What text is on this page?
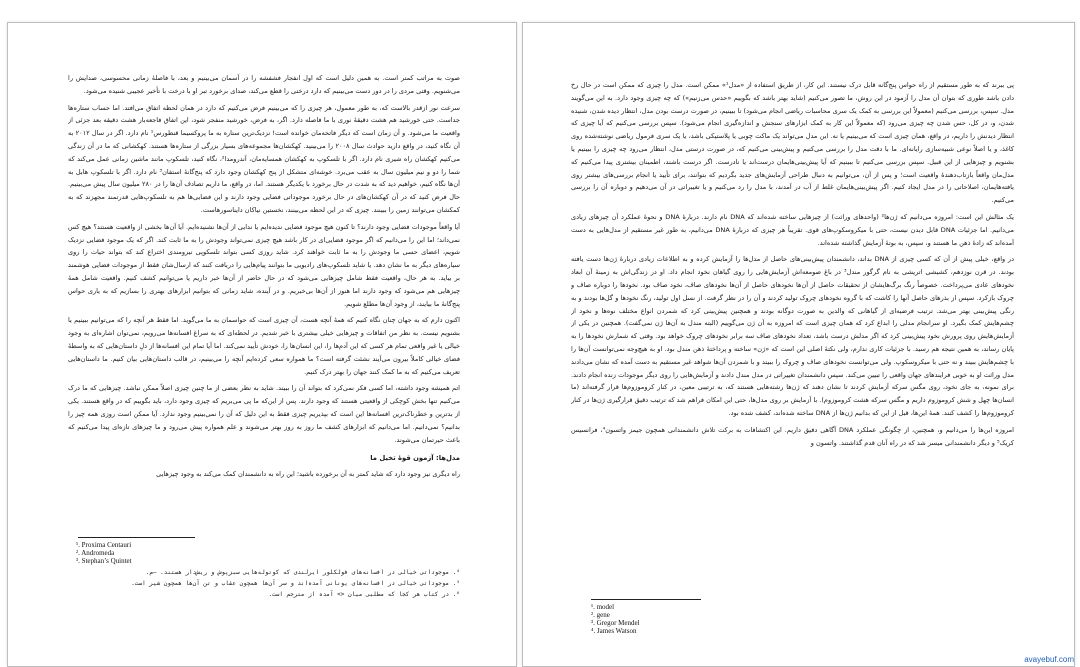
صوت به مراتب کمتر است. به همین دلیل است که اول انفجار فشفشه را در آسمان می‌بینیم و بعد، با فاصلهٔ زمانی محسوسی، صدایش را می‌شنویم. وقتی مردی را در دور دست می‌بینیم که دارد درختی را قطع می‌کند، صدای برخورد تبر او با درخت با تأخیر عجیبی شنیده می‌شود.

سرعت نور از‌قدر بالاست که، به طور معمول، هر چیزی را که می‌بینیم فرض می‌کنیم که دارد در همان لحظه اتفاق می‌افتد. اما حساب ستاره‌ها جداست. حتی خورشید هم هشت دقیقهٔ نوری با ما فاصله دارد. اگر، به فرض، خورشید منفجر شود، این اتفاق فاجعه‌بار هشت دقیقه بعد جزئی از واقعیت ما می‌شود. و آن زمان است که دیگر فاتحه‌مان خوانده است! نزدیک‌ترین ستاره به ما پروکسیما قنطورس¹ نام دارد. اگر در سال ۲۰۱۲ به آن نگاه کنید، در واقع دارید حوادث سال ۲۰۰۸ را می‌بینید. کهکشان‌ها مجموعه‌های بسیار بزرگی از ستاره‌ها هستند. کهکشانی که ما در آن زندگی می‌کنیم کهکشان راه شیری نام دارد. اگر با تلسکوپ به کهکشان همسایه‌مان، آندرومدا²، نگاه کنید، تلسکوپ مانند ماشین زمانی عمل می‌کند که شما را دو و نیم میلیون سال به عقب می‌برد. خوشه‌ای متشکل از پنج کهکشان وجود دارد که پنج‌گانهٔ استفان³ نام دارد. اگر با تلسکوپ هابل به آن‌ها نگاه کنیم، خواهیم دید که به شدت در حال برخورد با یکدیگر هستند. اما، در واقع، ما داریم تصادف آن‌ها را در ۲۸۰ میلیون سال پیش می‌بینیم. حال فرض کنید که در آن کهکشان‌های در حال برخورد موجوداتی فضایی وجود دارند و این فضایی‌ها هم به تلسکوپ‌هایی قدرتمند مجهزند که به کمکشان می‌توانند زمین را ببینند. چیزی که در این لحظه می‌بینند، نخستین نیاکان دایناسورهاست.

آیا واقعاً موجودات فضایی وجود دارند؟ تا کنون هیچ موجود فضایی ندیده‌ایم یا ندایی از آن‌ها نشنیده‌ایم. آیا آن‌ها بخشی از واقعیت هستند؟ هیچ کس نمی‌داند؛ اما این را می‌دانیم که اگر موجود فضایی‌ای در کار باشد هیچ چیزی نمی‌تواند وجودش را به ما ثابت کند. اگر که یک موجود فضایی نزدیک شویم، اعضای حسی ما وجودش را به ما ثابت خواهند کرد. شاید روزی کسی بتواند تلسکوپی نیرومندی اختراع کند که بتواند حیات را روی سیاره‌های دیگر به ما نشان دهد. یا شاید تلسکوپ‌های رادیویی ما بتوانند پیام‌هایی را دریافت کنند که ارسال‌شان فقط از موجودات فضایی هوشمند بر بیاید. به هر حال، واقعیت فقط شامل چیزهایی می‌شود که در حال حاضر از آن‌ها خبر داریم یا می‌توانیم کشف کنیم. واقعیت شامل همهٔ چیزهایی هم می‌شود که وجود دارند اما هنوز از آن‌ها بی‌خبریم. و در آینده، شاید زمانی که بتوانیم ابزارهای بهتری را بسازیم که به یاری حواس پنج‌گانهٔ ما بیایند، از وجود آن‌ها مطلع شویم.

اکنون دارم که به جهان چنان نگاه کنیم که همهٔ آنچه هست، آن چیزی است که حواسمان به ما می‌گوید. اما فقط هر آنچه را که می‌توانیم ببینیم یا بشنویم نیست. به نظر من اتفاقات و چیزهایی خیلی بیشتری با خبر شدیم. در لحظه‌ای که به سراغ افسانه‌ها می‌رویم، نمی‌توان اشاره‌ای به وجود خیالی یا غیر واقعی تمام هر کسی که این آدم‌ها را، این انسان‌ها را، خودش تأیید نمی‌کند. اما آیا تمام این افسانه‌ها از دلِ داستان‌هایی که به واسطهٔ فضای خیالی کاملاً بیرون می‌آیند نشئت گرفته است؟ ما همواره سعی کرده‌ایم آنچه را می‌بینیم، در قالب داستان‌هایی بیان کنیم. ما داستان‌هایی تعریف می‌کنیم که به ما کمک کنند جهان را بهتر درک کنیم.

اتم همیشه وجود داشته، اما کسی فکر نمی‌کرد که بتواند آن را ببیند. شاید به نظر بعضی از ما چنین چیزی اصلاً ممکن نباشد. چیزهایی که ما درک می‌کنیم تنها بخش کوچکی از واقعیتی هستند که وجود دارند. پس از این‌که ما پی می‌بریم که چیزی وجود دارد، باید بگوییم که در واقع هستند. یکی از بدترین و خطرناک‌ترین افسانه‌ها این است که بپذیریم چیزی فقط به این دلیل که آن را نمی‌بینیم وجود ندارد. آیا ممکن است روزی همه چیز را بدانیم؟ نمی‌دانیم. اما می‌دانیم که ابزارهای کشف ما روز به روز بهتر می‌شوند و علم همواره پیش می‌رود و ما چیزهای تازه‌ای پیدا می‌کنیم که باعث حیرتمان می‌شوند.

مدل‌ها: آزمون قوهٔ تخیل ما

راه دیگری نیز وجود دارد که شاید کمتر به آن برخورده باشید؛ این راه به دانشمندان کمک می‌کند به وجود چیزهایی

¹. Proxima Centauri
². Andromeda
³. Stephan’s Quintet
⁴. موجوداتی خیالی در افسانه‌های فولکلور ایرلندی که کوتوله‌هایی سبزپوش و ریش‌دار هستند. —م.
⁵. موجوداتی خیالی در افسانه‌های یونانی آمده‌اند و سر آن‌ها همچون عقاب و تن آن‌ها همچون شیر است.
⁶. در کتاب هر کجا که مطلبی میان <> آمده از مترجم است.

پی ببرند که به طور مستقیم از راه حواس پنج‌گانه قابل درک نیستند. این کار، از طریق استفاده از «مدل¹» ممکن است. مدل را چیزی که ممکن است در حال رخ دادن باشد طوری که بتوان آن مدل را آزمود در این روش، ما تصور می‌کنیم (شاید بهتر باشد که بگوییم «حدس می‌زنیم») که چه چیزی وجود دارد. به این می‌گویند مدل. سپس، بررسی می‌کنیم (معمولاً این بررسی به کمک یک سری محاسبات ریاضی انجام می‌شود) تا ببینیم، در صورت درست بودن مدل، انتظار دیده شدن، شنیده شدن، و، در کل، حس شدن چه چیزی می‌رود (که معمولاً این کار به کمک ابزارهای سنجش و اندازه‌گیری انجام می‌شود). سپس بررسی می‌کنیم که آیا چیزی که انتظار دیدنش را داریم، در واقع، همان چیزی است که می‌بینیم یا نه. این مدل می‌تواند یک ماکت چوبی یا پلاستیکی باشد، یا یک سری فرمول ریاضی نوشته‌شده روی کاغذ، و یا اصلاً نوعی شبیه‌سازی رایانه‌ای. ما با دقت مدل را بررسی می‌کنیم و پیش‌بینی می‌کنیم که، در صورت درستی مدل، انتظار می‌رود چه چیزی را ببینیم یا بشنویم و چیزهایی از این قبیل. سپس بررسی می‌کنیم تا ببینیم که آیا پیش‌بینی‌هایمان درست‌اند یا نادرست. اگر درست باشند، اطمینان بیشتری پیدا می‌کنیم که مدل‌مان واقعاً بازتاب‌دهندهٔ واقعیت است؛ و پس از آن، می‌توانیم به دنبال طراحی آزمایش‌های جدید بگردیم که بتوانند، برای تأیید یا انجام بررسی‌های بیشتر روی یافته‌هایمان، اصلاحاتی را در مدل ایجاد کنیم. اگر پیش‌بینی‌هایمان غلط از آب در آمدند، با مدل را رد می‌کنیم و یا تغییراتی در آن می‌دهیم و دوباره آن را بررسی می‌کنیم.

یک مثالش این است: امروزه می‌دانیم که ژن‌ها² (واحدهای وراثت) از چیزهایی ساخته شده‌اند که DNA نام دارند. دربارهٔ DNA و نحوهٔ عملکرد آن چیزهای زیادی می‌دانیم. اما جزئیات DNA قابل دیدن نیست، حتی با میکروسکوپ‌های قوی. تقریباً هر چیزی که دربارهٔ DNA می‌دانیم، به طور غیر مستقیم از مدل‌هایی به دست آمده‌اند که زادهٔ ذهن ما هستند و، سپس، به بوتهٔ آزمایش گذاشته شده‌اند.

در واقع، خیلی پیش از آن که کسی چیزی از DNA بداند، دانشمندان پیش‌بینی‌های حاصل از مدل‌ها را آزمایش کرده و به اطلاعات زیادی دربارهٔ ژن‌ها دست یافته بودند. در قرن نوزدهم، کشیشی اتریشی به نام گرگور مندل³ در باغ صومعه‌اش آزمایش‌هایی را روی گیاهان نخود انجام داد. او در زندگی‌اش به زمینهٔ آن ابعاد نخودهای عادی می‌پرداخت. خصوصاً رنگ برگ‌هایشان از تحقیقات حاصل از آن‌ها نخودهای حاصل از آن‌ها نخودهای صاف، نخود صاف بود. نخود‌ها را دوباره صاف و چروک بازکرد. سپس از بذرهای حاصل آنها را کاشت که با گروه نخودهای چروک تولید کردند و آن را در نظر گرفت. از نسل اول تولید، رنگ نخود‌ها و گل‌ها بودند و به رنگی پیش‌بینی بهتر می‌شد. ترتیب فرضیه‌ای از گیاهانی که والدین به صورت دوگانه بودند و همچنین پیش‌بینی کرد که شمردن انواع مختلف نوه‌ها و نخود از چشم‌هایش کمک بگیرد. او سرانجام مدلی را ابداع کرد که همان چیزی است که امروزه به آن ژن می‌گوییم (البته مندل به آن‌ها ژن نمی‌گفت). همچنین در یکی از آزمایش‌هایش روی پرورش نخود پیش‌بینی کرد که اگر مدلش درست باشد، تعداد نخودهای صاف سه برابر نخودهای چروک خواهد بود. وقتی که شمارش نخودها را به پایان رساند، به همین نتیجه هم رسید. با جزئیات کاری ندارم، ولی نکتهٔ اصلی این است که «ژن» ساخته و پرداختهٔ ذهن مندل بود. او به هیچ‌وجه نمی‌توانست آن‌ها را با چشم‌هایش ببیند و نه حتی با میکروسکوپ. ولی می‌توانست نخودهای صاف و چروک را ببیند و با شمردن آن‌ها شواهد غیر مستقیم به دست آمده که نشان می‌دادند مدل وراثت او به خوبی فرایندهای جهان واقعی را تبیین می‌کند. سپس دانشمندان تغییراتی در مدل مندل دادند و آزمایش‌هایی را روی دیگر موجودات زنده انجام دادند. برای نمونه، به جای نخود، روی مگس سرکه آزمایش کردند تا نشان دهند که ژن‌ها رشته‌هایی هستند که، به ترتیبی معین، در کنار کروموزوم‌ها قرار گرفته‌اند (ما انسان‌ها چهل و شش کروموزوم داریم و مگس سرکه هشت کروموزوم). با آزمایش بر روی مدل‌ها، حتی این امکان فراهم شد که ترتیب دقیق قرارگیری ژن‌ها در کنار کروموزوم‌ها را کشف کنند. همهٔ این‌ها، قبل از این که بدانیم ژن‌ها از DNA ساخته شده‌اند، کشف شده بود.

امروزه این‌ها را می‌دانیم و، همچنین، از چگونگی عملکرد DNA آگاهی دقیق داریم. این اکتشافات به برکت تلاش دانشمندانی همچون جیمز واتسون⁴، فرانسیس کریک⁵ و دیگر دانشمندانی میسر شد که در راه آنان قدم گذاشتند. واتسون و

¹. model
². gene
³. Gregor Mendel
⁴. James Watson
avayebuf.com
